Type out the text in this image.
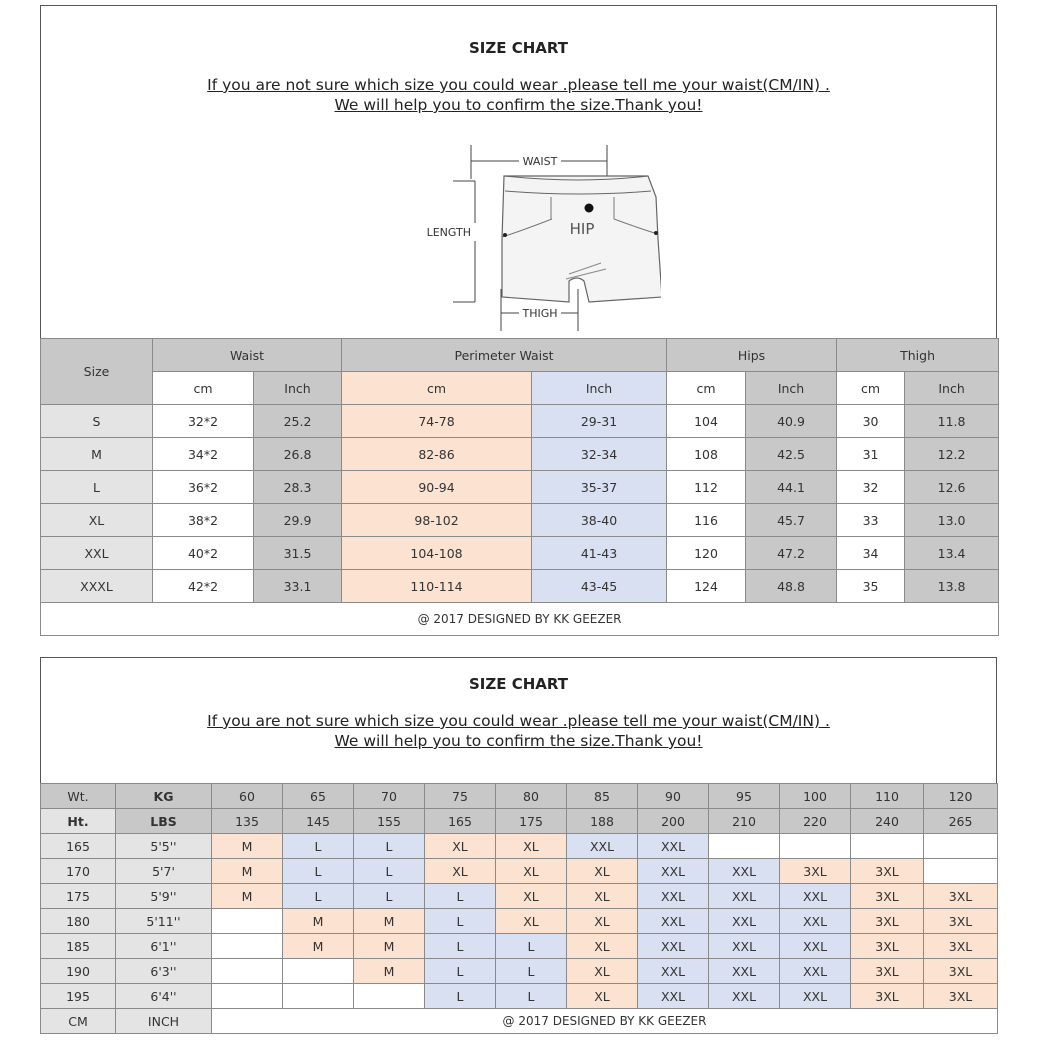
SIZE CHART
If you are not sure which size you could wear .please tell me your waist(CM/IN) .
We will help you to confirm the size.Thank you!
WAIST
LENGTH	HIP
THIGH
Size	Waist		Perimeter Waist		Hips		Thigh	
	cm	Inch	cm	Inch	cm	Inch	cm	Inch
S	32*2	25.2	74-78	29-31	104	40.9	30	11.8
M	34*2	26.8	82-86	32-34	108	42.5	31	12.2
L	36*2	28.3	90-94	35-37	112	44.1	32	12.6
XL	38*2	29.9	98-102	38-40	116	45.7	33	13.0
XXL	40*2	31.5	104-108	41-43	120	47.2	34	13.4
XXXL	42*2	33.1	110-114	43-45	124	48.8	35	13.8
@ 2017 DESIGNED BY KK GEEZER								
SIZE CHART
If you are not sure which size you could wear .please tell me your waist(CM/IN) .
We will help you to confirm the size.Thank you!
Wt.	KG	60	65	70	75	80	85	90	95	100	110	120
Ht.	LBS	135	145	155	165	175	188	200	210	220	240	265
165	5'5''	M	L	L	XL	XL	XXL	XXL				
170	5'7'	M	L	L	XL	XL	XL	XXL	XXL	3XL	3XL	
175	5'9''	M	L	L	L	XL	XL	XXL	XXL	XXL	3XL	3XL
180	5'11''		M	M	L	XL	XL	XXL	XXL	XXL	3XL	3XL
185	6'1''		M	M	L	L	XL	XXL	XXL	XXL	3XL	3XL
190	6'3''			M	L	L	XL	XXL	XXL	XXL	3XL	3XL
195	6'4''				L	L	XL	XXL	XXL	XXL	3XL	3XL
CM	INCH	@ 2017 DESIGNED BY KK GEEZER										
